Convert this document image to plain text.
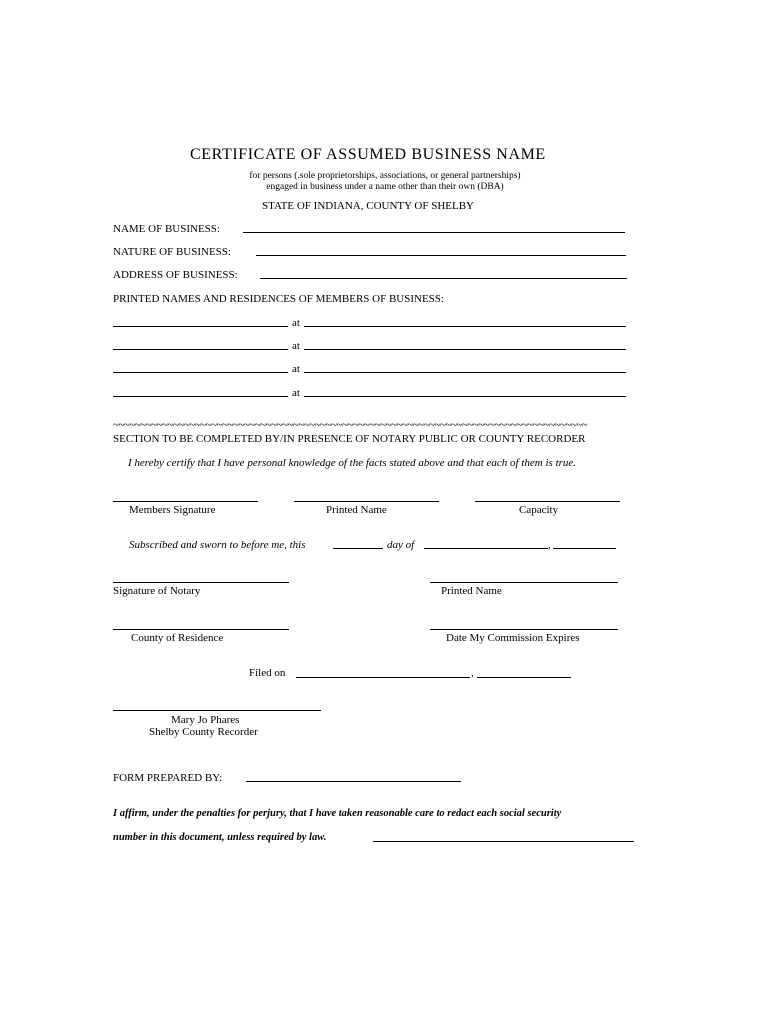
CERTIFICATE OF ASSUMED BUSINESS NAME
for persons (.sole proprietorships, associations, or general partnerships)
engaged in business under a name other than their own (DBA)
STATE OF INDIANA, COUNTY OF SHELBY
NAME OF BUSINESS:
NATURE OF BUSINESS:
ADDRESS OF BUSINESS:
PRINTED NAMES AND RESIDENCES OF MEMBERS OF BUSINESS:
at
at
at
at
~~~~~~~~~~~~~~~~~~~~~~~~~~~~~~~~~~~~~~~~~~~~~~~~~~~~~~~~~~~~~~~~~~~~~~~~~~~~~~~~~~~~~~~
SECTION TO BE COMPLETED BY/IN PRESENCE OF NOTARY PUBLIC OR COUNTY RECORDER
I hereby certify that I have personal knowledge of the facts stated above and that each of them is true.
Members Signature	Printed Name	Capacity
Subscribed and sworn to before me, this	day of	,
Signature of Notary	Printed Name
County of Residence	Date My Commission Expires
Filed on	,
Mary Jo Phares
Shelby County Recorder
FORM PREPARED BY:
I affirm, under the penalties for perjury, that I have taken reasonable care to redact each social security
number in this document, unless required by law.
